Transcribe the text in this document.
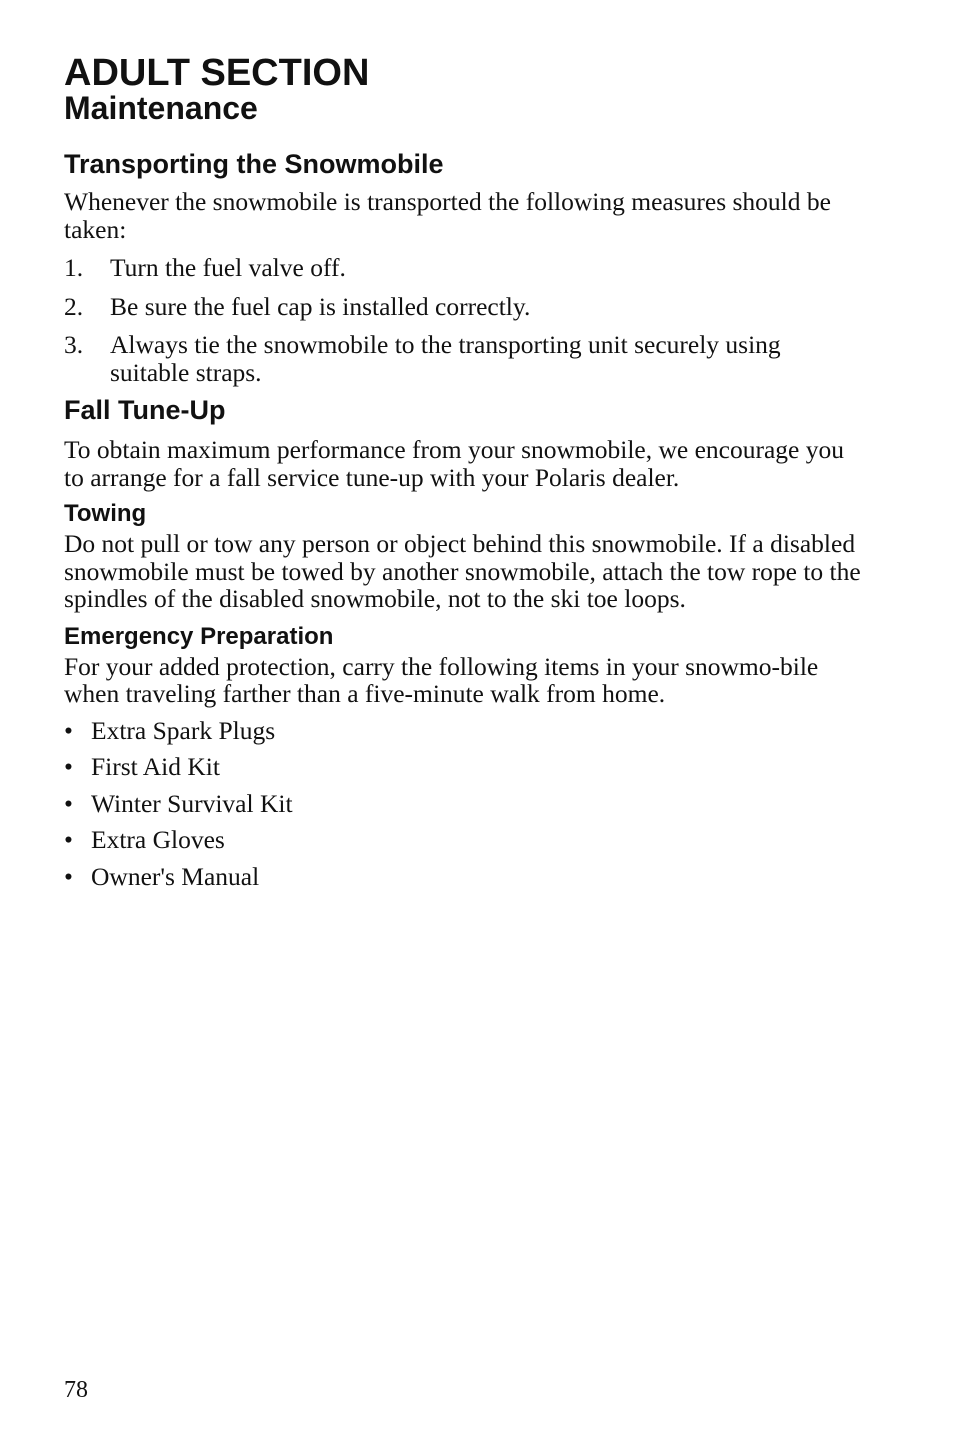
ADULT SECTION
Maintenance
Transporting the Snowmobile

Whenever the snowmobile is transported the following measures should be taken:

1. Turn the fuel valve off.
2. Be sure the fuel cap is installed correctly.
3. Always tie the snowmobile to the transporting unit securely using suitable straps.
Fall Tune-Up

To obtain maximum performance from your snowmobile, we encourage you to arrange for a fall service tune-up with your Polaris dealer.

Towing

Do not pull or tow any person or object behind this snowmobile. If a disabled snowmobile must be towed by another snowmobile, attach the tow rope to the spindles of the disabled snowmobile, not to the ski toe loops.

Emergency Preparation

For your added protection, carry the following items in your snowmo-bile when traveling farther than a five-minute walk from home.

• Extra Spark Plugs
• First Aid Kit
• Winter Survival Kit
• Extra Gloves
• Owner's Manual
78
